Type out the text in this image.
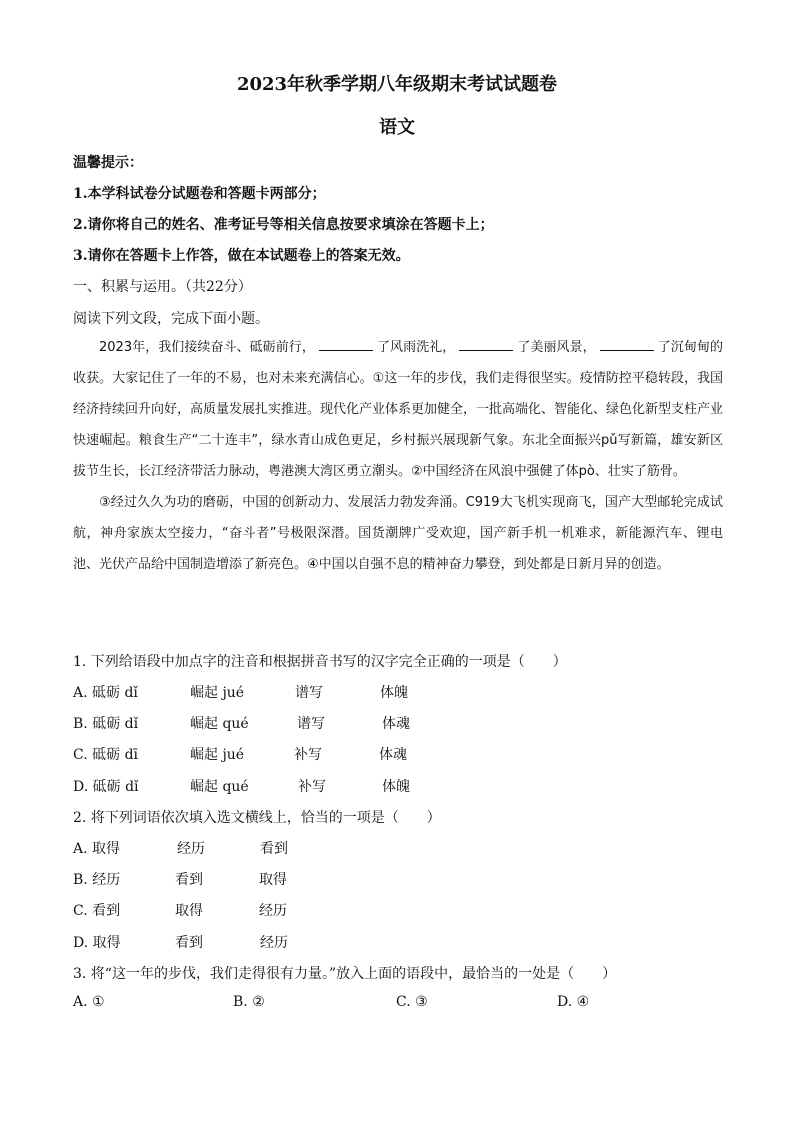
2023年秋季学期八年级期末考试试题卷
语文
温馨提示：
1.本学科试卷分试题卷和答题卡两部分；
2.请你将自己的姓名、准考证号等相关信息按要求填涂在答题卡上；
3.请你在答题卡上作答，做在本试题卷上的答案无效。
一、积累与运用。（共22分）
阅读下列文段，完成下面小题。
2023年，我们接续奋斗、砥砺前行，	了风雨洗礼，	了美丽风景，	了沉甸甸的收获。大家记住了一年的不易，也对未来充满信心。①这一年的步伐，我们走得很坚实。疫情防控平稳转段，我国经济持续回升向好，高质量发展扎实推进。现代化产业体系更加健全，一批高端化、智能化、绿色化新型支柱产业快速崛起。粮食生产“二十连丰”，绿水青山成色更足，乡村振兴展现新气象。东北全面振兴pǔ写新篇，雄安新区拔节生长，长江经济带活力脉动，粤港澳大湾区勇立潮头。②中国经济在风浪中强健了体pò、壮实了筋骨。
③经过久久为功的磨砺，中国的创新动力、发展活力勃发奔涌。C919大飞机实现商飞，国产大型邮轮完成试航，神舟家族太空接力，“奋斗者”号极限深潜。国货潮牌广受欢迎，国产新手机一机难求，新能源汽车、锂电池、光伏产品给中国制造增添了新亮色。④中国以自强不息的精神奋力攀登，到处都是日新月异的创造。
1. 下列给语段中加点字的注音和根据拼音书写的汉字完全正确的一项是（　　）
A. 砥砺 dǐ	崛起 jué	谱写	体魄
B. 砥砺 dǐ	崛起 qué	谱写	体魂
C. 砥砺 dī	崛起 jué	补写	体魂
D. 砥砺 dǐ	崛起 qué	补写	体魄
2. 将下列词语依次填入选文横线上，恰当的一项是（　　）
A. 取得	经历	看到
B. 经历	看到	取得
C. 看到	取得	经历
D. 取得	看到	经历
3. 将“这一年的步伐，我们走得很有力量。”放入上面的语段中，最恰当的一处是（　　）
A. ①	B. ②	C. ③	D. ④
